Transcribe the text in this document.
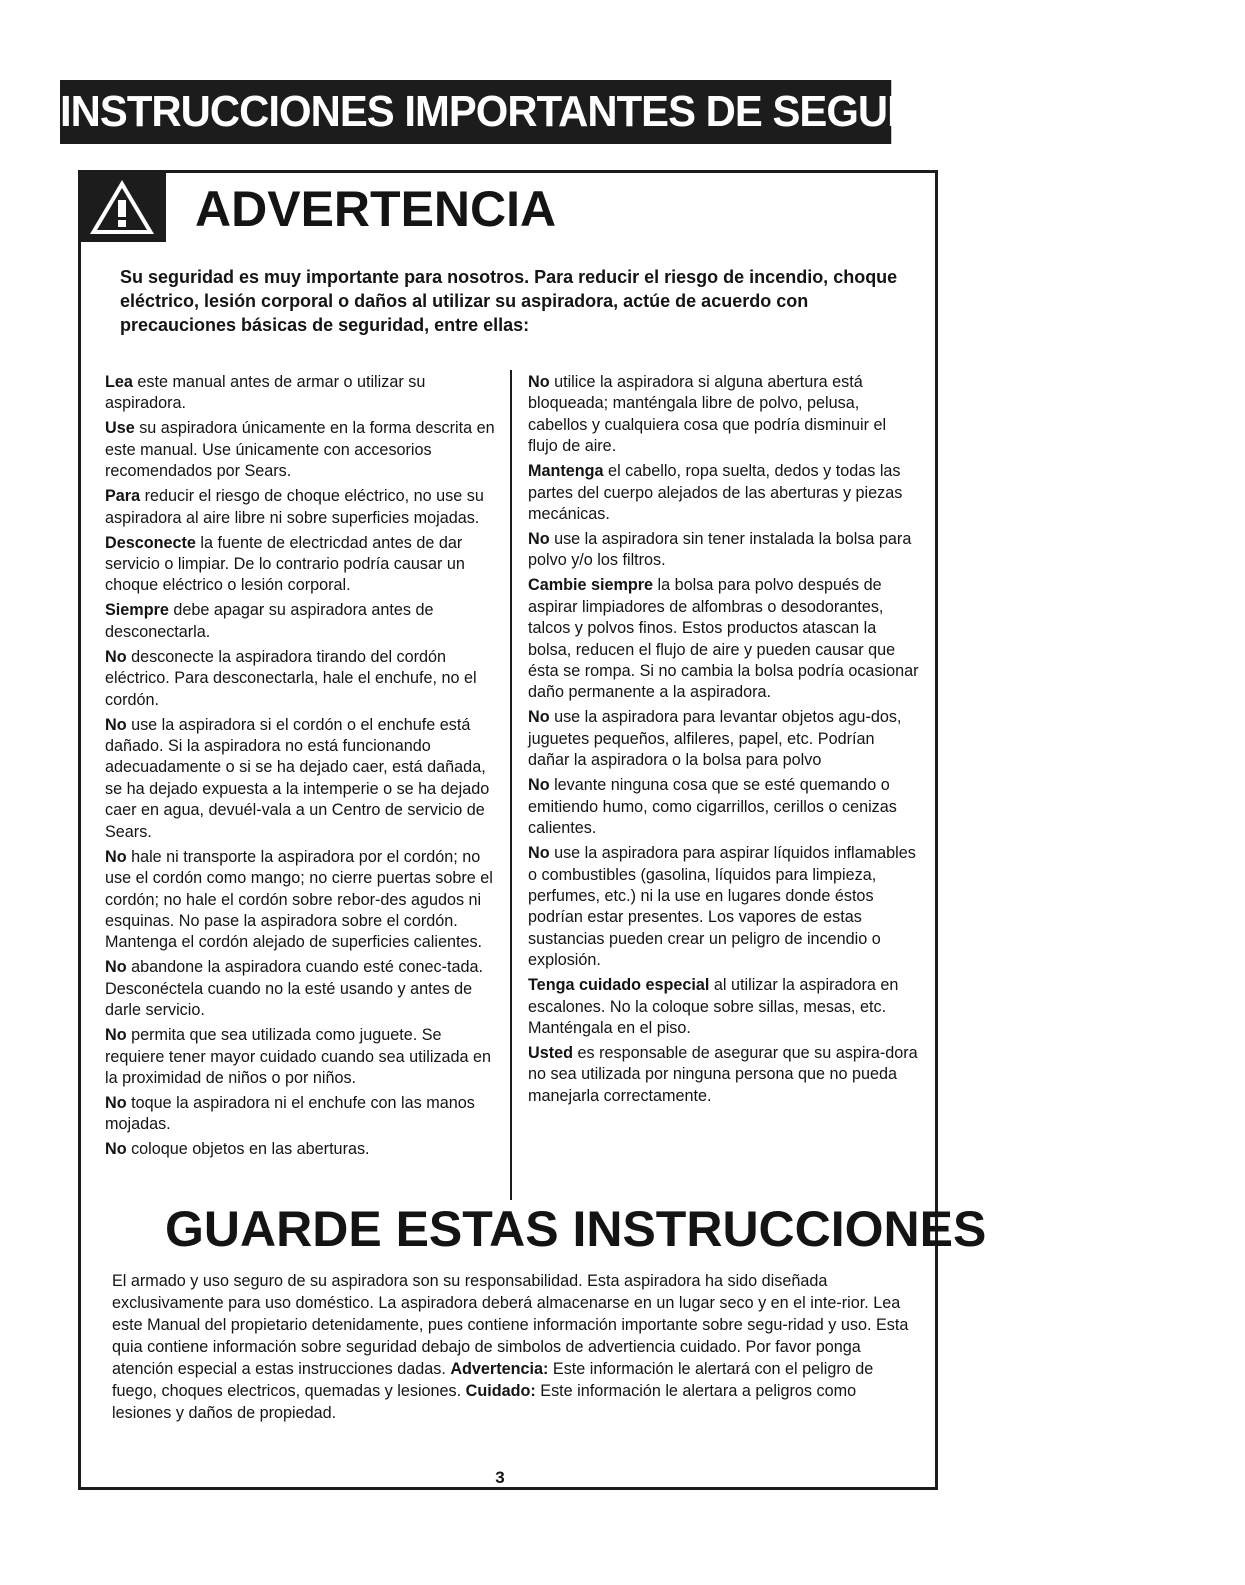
INSTRUCCIONES IMPORTANTES DE SEGURIDAD
ADVERTENCIA
Su seguridad es muy importante para nosotros. Para reducir el riesgo de incendio, choque eléctrico, lesión corporal o daños al utilizar su aspiradora, actúe de acuerdo con precauciones básicas de seguridad, entre ellas:

Lea este manual antes de armar o utilizar su aspiradora.

Use su aspiradora únicamente en la forma descrita en este manual. Use únicamente con accesorios recomendados por Sears.

Para reducir el riesgo de choque eléctrico, no use su aspiradora al aire libre ni sobre superficies mojadas.

Desconecte la fuente de electricdad antes de dar servicio o limpiar. De lo contrario podría causar un choque eléctrico o lesión corporal.

Siempre debe apagar su aspiradora antes de desconectarla.

No desconecte la aspiradora tirando del cordón eléctrico. Para desconectarla, hale el enchufe, no el cordón.

No use la aspiradora si el cordón o el enchufe está dañado. Si la aspiradora no está funcionando adecuadamente o si se ha dejado caer, está dañada, se ha dejado expuesta a la intemperie o se ha dejado caer en agua, devuél-vala a un Centro de servicio de Sears.

No hale ni transporte la aspiradora por el cordón; no use el cordón como mango; no cierre puertas sobre el cordón; no hale el cordón sobre rebor-des agudos ni esquinas. No pase la aspiradora sobre el cordón. Mantenga el cordón alejado de superficies calientes.

No abandone la aspiradora cuando esté conec-tada. Desconéctela cuando no la esté usando y antes de darle servicio.

No permita que sea utilizada como juguete. Se requiere tener mayor cuidado cuando sea utilizada en la proximidad de niños o por niños.

No toque la aspiradora ni el enchufe con las manos mojadas.

No coloque objetos en las aberturas.

No utilice la aspiradora si alguna abertura está bloqueada; manténgala libre de polvo, pelusa, cabellos y cualquiera cosa que podría disminuir el flujo de aire.

Mantenga el cabello, ropa suelta, dedos y todas las partes del cuerpo alejados de las aberturas y piezas mecánicas.

No use la aspiradora sin tener instalada la bolsa para polvo y/o los filtros.

Cambie siempre la bolsa para polvo después de aspirar limpiadores de alfombras o desodorantes, talcos y polvos finos. Estos productos atascan la bolsa, reducen el flujo de aire y pueden causar que ésta se rompa. Si no cambia la bolsa podría ocasionar daño permanente a la aspiradora.

No use la aspiradora para levantar objetos agu-dos, juguetes pequeños, alfileres, papel, etc. Podrían dañar la aspiradora o la bolsa para polvo

No levante ninguna cosa que se esté quemando o emitiendo humo, como cigarrillos, cerillos o cenizas calientes.

No use la aspiradora para aspirar líquidos inflamables o combustibles (gasolina, líquidos para limpieza, perfumes, etc.) ni la use en lugares donde éstos podrían estar presentes. Los vapores de estas sustancias pueden crear un peligro de incendio o explosión.

Tenga cuidado especial al utilizar la aspiradora en escalones. No la coloque sobre sillas, mesas, etc. Manténgala en el piso.

Usted es responsable de asegurar que su aspira-dora no sea utilizada por ninguna persona que no pueda manejarla correctamente.

GUARDE ESTAS INSTRUCCIONES
El armado y uso seguro de su aspiradora son su responsabilidad. Esta aspiradora ha sido diseñada exclusivamente para uso doméstico. La aspiradora deberá almacenarse en un lugar seco y en el inte-rior. Lea este Manual del propietario detenidamente, pues contiene información importante sobre segu-ridad y uso. Esta quia contiene información sobre seguridad debajo de simbolos de advertiencia cuidado. Por favor ponga atención especial a estas instrucciones dadas. Advertencia: Este información le alertará con el peligro de fuego, choques electricos, quemadas y lesiones. Cuidado: Este información le alertara a peligros como lesiones y daños de propiedad.
3
